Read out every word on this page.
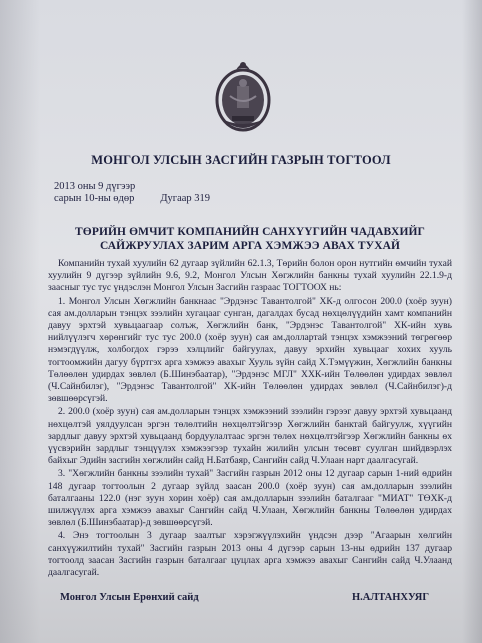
МОНГОЛ УЛСЫН ЗАСГИЙН ГАЗРЫН ТОГТООЛ
2013 оны 9 дүгээр
сарын 10-ны өдөр Дугаар 319
ТӨРИЙН ӨМЧИТ КОМПАНИЙН САНХҮҮГИЙН ЧАДАВХИЙГ
САЙЖРУУЛАХ ЗАРИМ АРГА ХЭМЖЭЭ АВАХ ТУХАЙ

Компанийн тухай хуулийн 62 дугаар зүйлийн 62.1.3, Төрийн болон орон нутгийн өмчийн тухай хуулийн 9 дүгээр зүйлийн 9.6, 9.2, Монгол Улсын Хөгжлийн банкны тухай хуулийн 22.1.9-д заасныг тус тус үндэслэн Монгол Улсын Засгийн газраас ТОГТООХ нь:

1. Монгол Улсын Хөгжлийн банкнаас "Эрдэнэс Тавантолгой" ХК-д олгосон 200.0 (хоёр зуун) сая ам.долларын тэнцэх зээлийн хугацааг сунган, дагалдах бусад нөхцөлүүдийн хамт компанийн давуу эрхтэй хувьцаагаар солъж, Хөгжлийн банк, "Эрдэнэс Тавантолгой" ХК-ийн хувь нийлүүлэгч хөрөнгийг тус тус 200.0 (хоёр зуун) сая ам.доллартай тэнцэх хэмжээний төгрөгөөр нэмэгдүүлж, холбогдох гэрээ хэлцлийг байгуулах, давуу эрхийн хувьцааг хохих хууль тогтоомжийн дагуу бүртгэх арга хэмжээ авахыг Хууль зүйн сайд Х.Тэмүүжин, Хөгжлийн банкны Төлөөлөн удирдах зөвлөл (Б.Шинэбаатар), "Эрдэнэс МГЛ" ХХК-ийн Төлөөлөн удирдах зөвлөл (Ч.Сайнбилэг), "Эрдэнэс Тавантолгой" ХК-ийн Төлөөлөн удирдах зөвлөл (Ч.Сайнбилэг)-д зөвшөөрсүгэй.

2. 200.0 (хоёр зуун) сая ам.долларын тэнцэх хэмжээний зээлийн гэрээг давуу эрхтэй хувьцаанд нөхцөлтэй уялдуулсан эргэн төлөлтийн нөхцөлтэйгээр Хөгжлийн банктай байгуулж, хүүгийн зардлыг давуу эрхтэй хувьцаанд бордуулалтаас эргэн төлөх нөхцөлтэйгээр Хөгжлийн банкны өх үүсвэрийн зардлыг тэнцүүлэх хэмжээгээр тухайн жилийн улсын төсөвт суулган шийдвэрлэх байхыг Эдийн засгийн хөгжлийн сайд Н.Батбаяр, Сангийн сайд Ч.Улаан нарт даалгасугай.

3. "Хөгжлийн банкны зээлийн тухай" Засгийн газрын 2012 оны 12 дугаар сарын 1-ний өдрийн 148 дугаар тогтоолын 2 дугаар зүйлд заасан 200.0 (хоёр зуун) сая ам.долларын зээлийн баталгааны 122.0 (нэг зуун хорин хоёр) сая ам.долларын зээлийн баталгааг "МИАТ" ТӨХК-д шилжүүлэх арга хэмжээ авахыг Сангийн сайд Ч.Улаан, Хөгжлийн банкны Төлөөлөн удирдах зөвлөл (Б.Шинэбаатар)-д зөвшөөрсүгэй.

4. Энэ тогтоолын 3 дугаар заалтыг хэрэгжүүлэхийн үндсэн дээр "Агаарын хөлгийн санхүүжилтийн тухай" Засгийн газрын 2013 оны 4 дүгээр сарын 13-ны өдрийн 137 дугаар тогтоолд заасан Засгийн газрын баталгааг цуцлах арга хэмжээ авахыг Сангийн сайд Ч.Улаанд даалгасугай.

Монгол Улсын Ерөнхий сайд	Н.АЛТАНХУЯГ
